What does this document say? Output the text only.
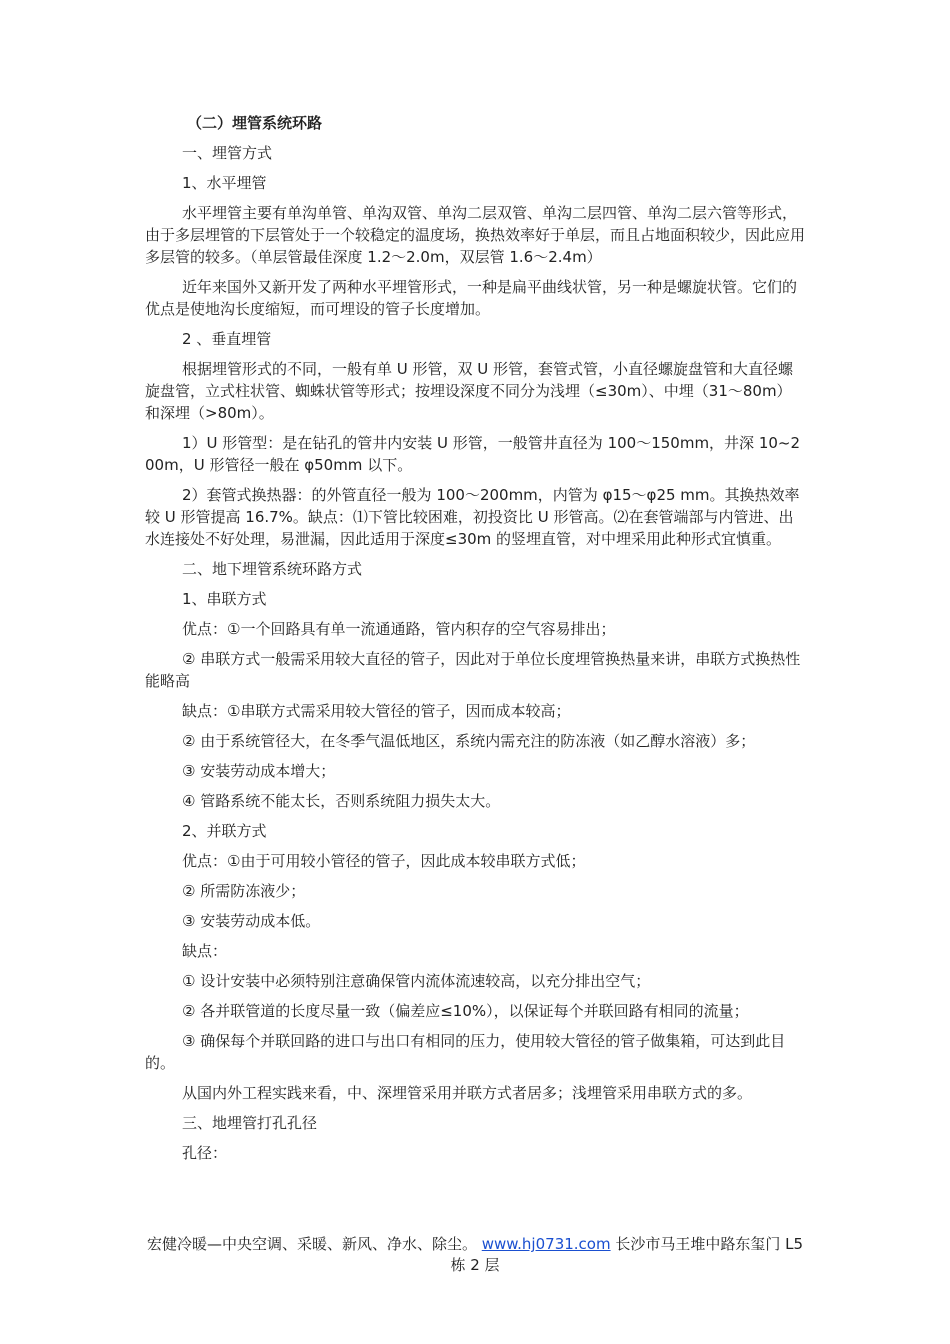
（二）埋管系统环路

一、埋管方式

1、水平埋管

水平埋管主要有单沟单管、单沟双管、单沟二层双管、单沟二层四管、单沟二层六管等形式，由于多层埋管的下层管处于一个较稳定的温度场，换热效率好于单层，而且占地面积较少，因此应用多层管的较多。（单层管最佳深度 1.2～2.0m，双层管 1.6～2.4m）

近年来国外又新开发了两种水平埋管形式，一种是扁平曲线状管，另一种是螺旋状管。它们的优点是使地沟长度缩短，而可埋设的管子长度增加。

2 、垂直埋管

根据埋管形式的不同，一般有单 U 形管，双 U 形管，套管式管，小直径螺旋盘管和大直径螺旋盘管，立式柱状管、蜘蛛状管等形式；按埋设深度不同分为浅埋（≤30m）、中埋（31～80m）和深埋（>80m）。

1）U 形管型：是在钻孔的管井内安装 U 形管，一般管井直径为 100～150mm，井深 10~200m，U 形管径一般在 φ50mm 以下。

2）套管式换热器：的外管直径一般为 100～200mm，内管为 φ15～φ25 mm。其换热效率较 U 形管提高 16.7%。缺点：⑴下管比较困难，初投资比 U 形管高。⑵在套管端部与内管进、出水连接处不好处理，易泄漏，因此适用于深度≤30m 的竖埋直管，对中埋采用此种形式宜慎重。

二、地下埋管系统环路方式

1、串联方式

优点：①一个回路具有单一流通通路，管内积存的空气容易排出；

② 串联方式一般需采用较大直径的管子，因此对于单位长度埋管换热量来讲，串联方式换热性能略高

缺点：①串联方式需采用较大管径的管子，因而成本较高；

② 由于系统管径大，在冬季气温低地区，系统内需充注的防冻液（如乙醇水溶液）多；

③ 安装劳动成本增大；

④ 管路系统不能太长，否则系统阻力损失太大。

2、并联方式

优点：①由于可用较小管径的管子，因此成本较串联方式低；

② 所需防冻液少；

③ 安装劳动成本低。

缺点：

① 设计安装中必须特别注意确保管内流体流速较高，以充分排出空气；

② 各并联管道的长度尽量一致（偏差应≤10%），以保证每个并联回路有相同的流量；

③ 确保每个并联回路的进口与出口有相同的压力，使用较大管径的管子做集箱，可达到此目的。

从国内外工程实践来看，中、深埋管采用并联方式者居多；浅埋管采用串联方式的多。

三、地埋管打孔孔径

孔径：

宏健冷暖—中央空调、采暖、新风、净水、除尘。 www.hj0731.com 长沙市马王堆中路东玺门 L5 栋 2 层
